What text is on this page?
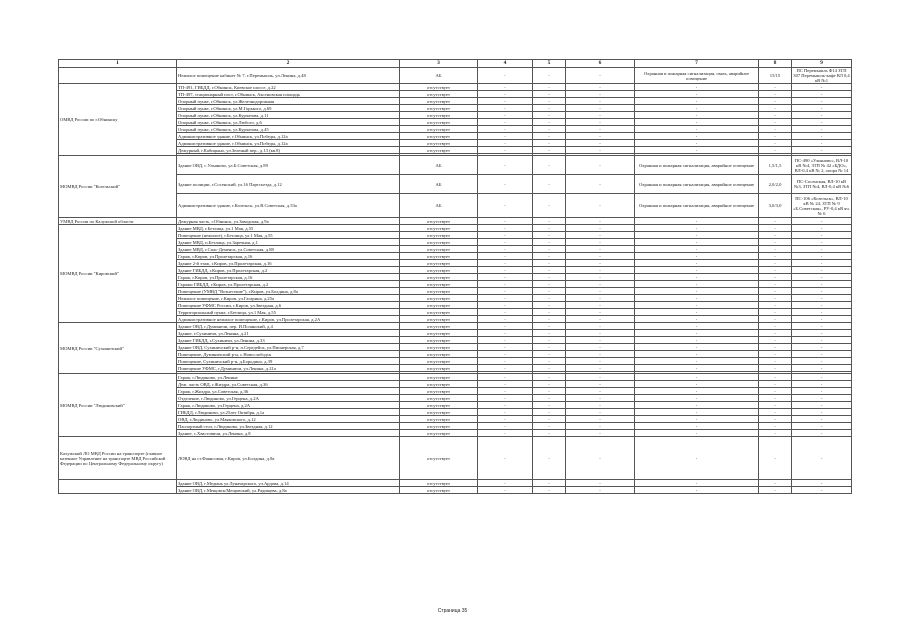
1	2	3	4	5	6	7	8	9
	Нежилое помещение кабинет № 7, г.Перемышль, ул.Ленина, д.48	АБ	-	-	-	Охранная и пожарная сигнализация, связь, аварийное освещение	15/15	ПС Перемышль Ф14 ЗТП 307 Перемышль-кафе ВЛ 0,4 кВ №1
ОМВД России по г.Обнинску	ТП-491, ГИБДД, г.Обнинск, Киевское шоссе, д.22	отсутствует	-	-	-	-	-	-
	ТП-497, стационарный пост, г.Обнинск, Аксеновская площадь	отсутствует	-	-	-	-	-	-
	Опорный пункт, г.Обнинск, ул.Железнодорожная	отсутствует	-	-	-	-	-	-
	Опорный пункт, г.Обнинск, ул.М.Горького, д.69	отсутствует	-	-	-	-	-	-
	Опорный пункт, г.Обнинск, ул.Курчатова, д.11	отсутствует	-	-	-	-	-	-
	Опорный пункт, г.Обнинск, ул.Любого, д.6	отсутствует	-	-	-	-	-	-
	Опорный пункт, г.Обнинск, ул.Курчатова, д.45	отсутствует	-	-	-	-	-	-
	Административное здание, г.Обнинск, ул.Победы, д.12а	отсутствует	-	-	-	-	-	-
	Административное здание, г.Обнинск, ул.Победы, д.12а	отсутствует	-	-	-	-	-	-
	Дежурный, г.Кабицыно, ул.Зеленый пер., д.13 (кв.8)	отсутствует	-	-	-	-	-	-

МОМВД России "Козельский"	Здание ОВД, с.Ульяново, ул.Б.Советская, д.89	АБ	-	-	-	Охранная и пожарная сигнализация, аварийное освещение	1,5/1,5	ПС-490 «Ульяново», ВЛ-10 кВ №4, ЗТП № 42 «БДО», ВЛ-0,4 кВ № 2, опора № 14
	Здание полиции, г.Сосенский, ул.16 Партсъезда, д.12	АБ	-	-	-	Охранная и пожарная сигнализация, аварийное освещение	2,0/2,0	ПС-Сосенская, ВЛ-10 кВ №3, ЗТП №4, ВЛ-0,4 кВ №6
	Административное здание, г.Козельск, ул.В.Советская, д.53а	АБ	-	-	-	Охранная и пожарная сигнализация, аварийное освещение	3,0/3,0	ПС-106 «Козельск», ВЛ-10 кВ № 24, ЗТП № 9 «Б.Советская», РУ-0,4 кВ яч. № 6
УМВД России по Калужской области	Дежурная часть, г.Обнинск, ул.Заводская, д.9а	отсутствует	-	-	-	-	-	-
МОМВД России "Кировский"	Здание МВД, г.Бетлица, ул.1 Мая, д.55	отсутствует	-	-	-	-	-	-
	Помещение (нежилое), г.Бетлица, ул.1 Мая, д.55	отсутствует	-	-	-	-	-	-
	Здание МВД, п.Бетлица, ул.Заречная, д.1	отсутствует	-	-	-	-	-	-
	Здание МВД, г.Спас-Деменск, ул.Советская, д.88	отсутствует	-	-	-	-	-	-
	Гараж, г.Киров, ул.Пролетарская, д.16	отсутствует	-	-	-	-	-	-
	Здание 2-й этаж, г.Киров, ул.Пролетарская, д.16	отсутствует	-	-	-	-	-	-
	Здание ГИБДД, г.Киров, ул.Пролетарская, д.2	отсутствует	-	-	-	-	-	-
	Гараж, г.Киров, ул.Пролетарская, д.16	отсутствует	-	-	-	-	-	-
	Гаражи ГИБДД, г.Киров, ул.Пролетарская, д.2	отсутствует	-	-	-	-	-	-
	Помещение (УМВД "Вознесение"), г.Киров, ул.Болдина, д.8а	отсутствует	-	-	-	-	-	-
	Нежилое помещение, г.Киров, ул.Гагарина, д.25а	отсутствует	-	-	-	-	-	-
	Помещение УФМС России, г.Киров, ул.Звездная, д.6	отсутствует	-	-	-	-	-	-
	Территориальный пункт, г.Бетлица, ул.1 Мая, д.55	отсутствует	-	-	-	-	-	-
	Административное нежилое помещение, г.Киров, ул.Пролетарская, д.2А	отсутствует	-	-	-	-	-	-
МОМВД России "Сухиничский"	Здание ОВД, г.Думиничи, пер. И.Полянский, д.4	отсутствует	-	-	-	-	-	-
	Здание, г.Сухиничи, ул.Ленина, д.21	отсутствует	-	-	-	-	-	-
	Здание ГИБДД, г.Сухиничи, ул.Ленина, д.33	отсутствует	-	-	-	-	-	-
	Здание ОВД, Сухиничский р-н, п.Середейск, ул.Пионерская, д.7	отсутствует	-	-	-	-	-	-
	Помещение, Думиничский р-н, с.Новослободск	отсутствует	-	-	-	-	-	-
	Помещение, Сухиничский р-н, д.Бородино, д.39	отсутствует	-	-	-	-	-	-
	Помещение УФМС, г.Думиничи, ул.Ленина, д.21а	отсутствует	-	-	-	-	-	-

МОМВД России "Людиновский"	Гараж, г.Людиново, ул.Ленина	отсутствует	-	-	-	-	-	-
	Деж. часть ОВД, г.Жиздра, ул.Советская, д.36	отсутствует	-	-	-	-	-	-
	Гараж, г.Жиздра, ул.Советская, д.36	отсутствует	-	-	-	-	-	-
	Отделение, г.Людиново, ул.Герцена, д.2А	отсутствует	-	-	-	-	-	-
	Гараж, г.Людиново, ул.Герцена, д.2А	отсутствует	-	-	-	-	-	-
	ГИБДД, г.Людиново, ул.25лет Октября, д.1а	отсутствует	-	-	-	-	-	-
	ОВД, г.Людиново, ул.Маяковского, д.12	отсутствует	-	-	-	-	-	-
	Паспортный стол, г.Людиново, ул.Звездная, д.12	отсутствует	-	-	-	-	-	-
	Здание, с.Хвастовичи, ул.Ленина, д.8	отсутствует	-	-	-	-	-	-
Калужский ЛО МВД России на транспорте (главное казенное Управление на транспорте МВД Российской Федерации по Центральному Федеральному округу)	ЛОВД на ст.Фаянсовая, г.Киров, ул.Болдина, д.8а	отсутствует	-	-	-	-	-	-
	Здание ОВД, г.Медынь ул.Луначарского, ул.Ардова, д.14	отсутствует	-	-	-	-	-	-
	Здание ОВД, г.Мещовск/Мещовский, ул.Радищева, д.8а	отсутствует	-	-	-	-	-	-
Страница 35
